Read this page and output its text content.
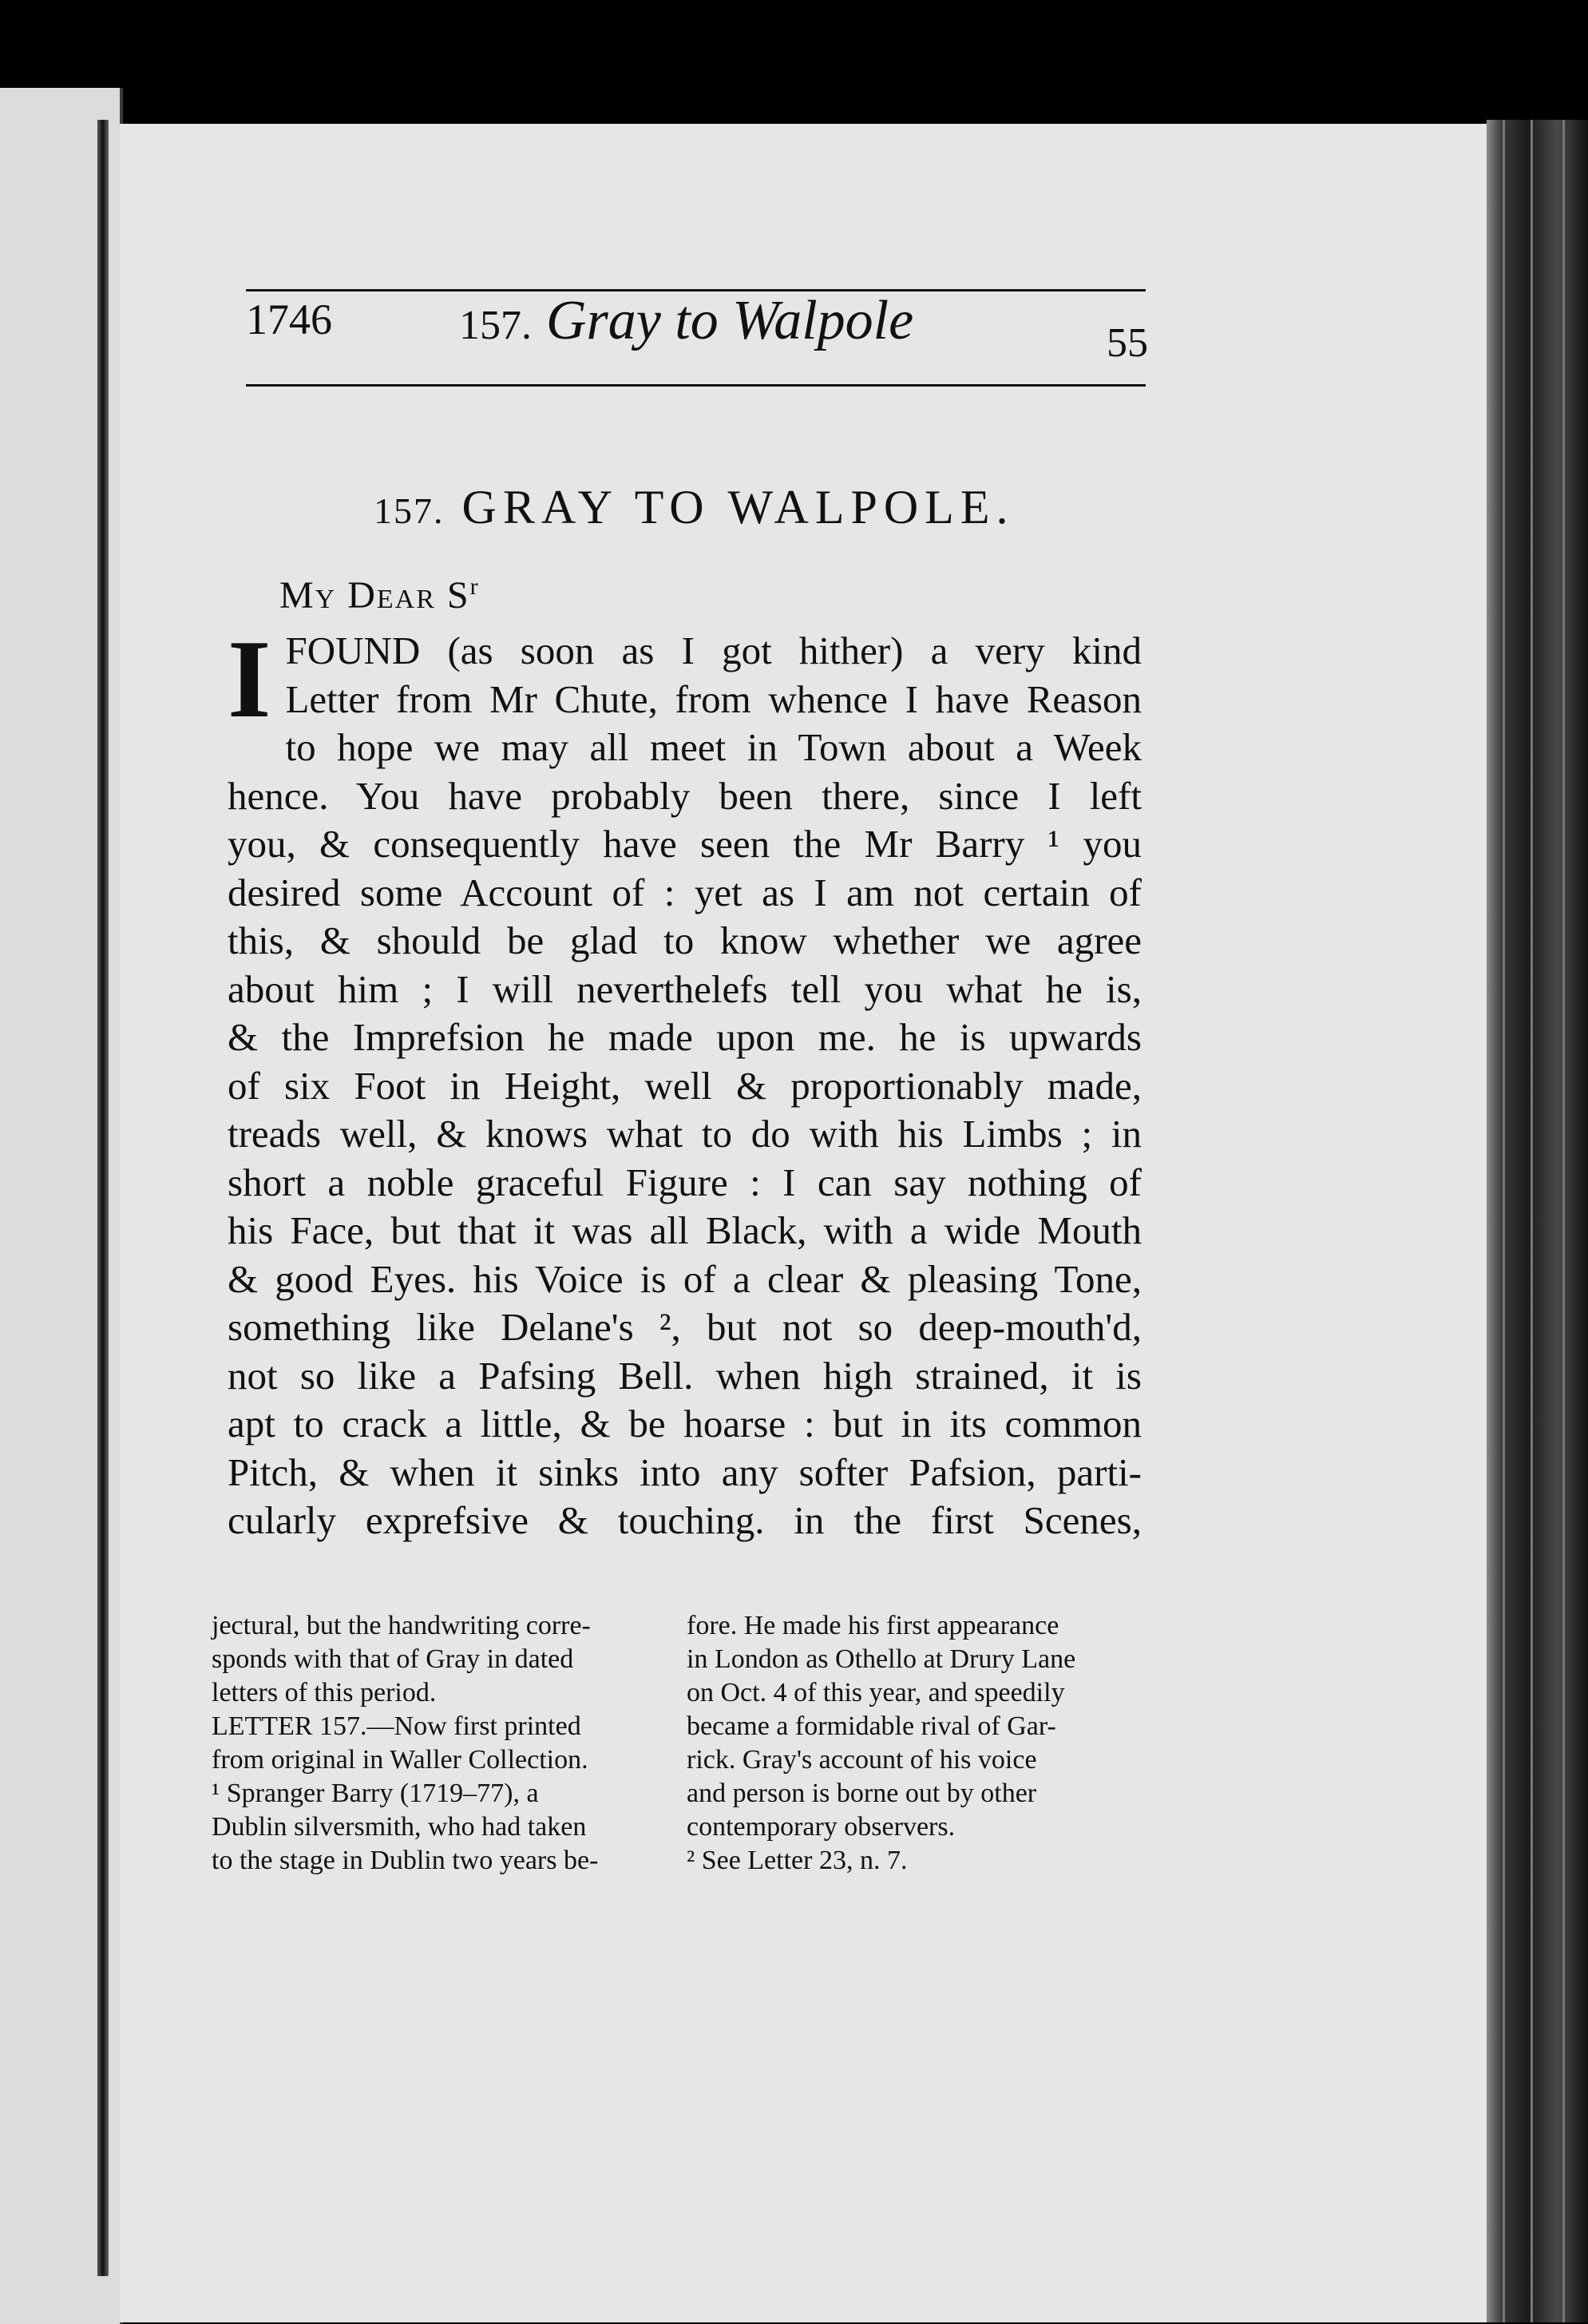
1746	157. Gray to Walpole	55
157. GRAY TO WALPOLE.
My Dear $S^r$
I FOUND (as soon as I got hither) a very kind
Letter from Mr Chute, from whence I have Reason
to hope we may all meet in Town about a Week
hence. You have probably been there, since I left
you, & consequently have seen the Mr Barry ¹ you
desired some Account of : yet as I am not certain of
this, & should be glad to know whether we agree
about him ; I will neverthelefs tell you what he is,
& the Imprefsion he made upon me. he is upwards
of six Foot in Height, well & proportionably made,
treads well, & knows what to do with his Limbs ; in
short a noble graceful Figure : I can say nothing of
his Face, but that it was all Black, with a wide Mouth
& good Eyes. his Voice is of a clear & pleasing Tone,
something like Delane's ², but not so deep-mouth'd,
not so like a Pafsing Bell. when high strained, it is
apt to crack a little, & be hoarse : but in its common
Pitch, & when it sinks into any softer Pafsion, parti-
cularly exprefsive & touching. in the first Scenes,
jectural, but the handwriting corre-
sponds with that of Gray in dated
letters of this period.
LETTER 157.—Now first printed
from original in Waller Collection.
¹ Spranger Barry (1719–77), a
Dublin silversmith, who had taken
to the stage in Dublin two years be-
fore. He made his first appearance
in London as Othello at Drury Lane
on Oct. 4 of this year, and speedily
became a formidable rival of Gar-
rick. Gray's account of his voice
and person is borne out by other
contemporary observers.
² See Letter 23, n. 7.
